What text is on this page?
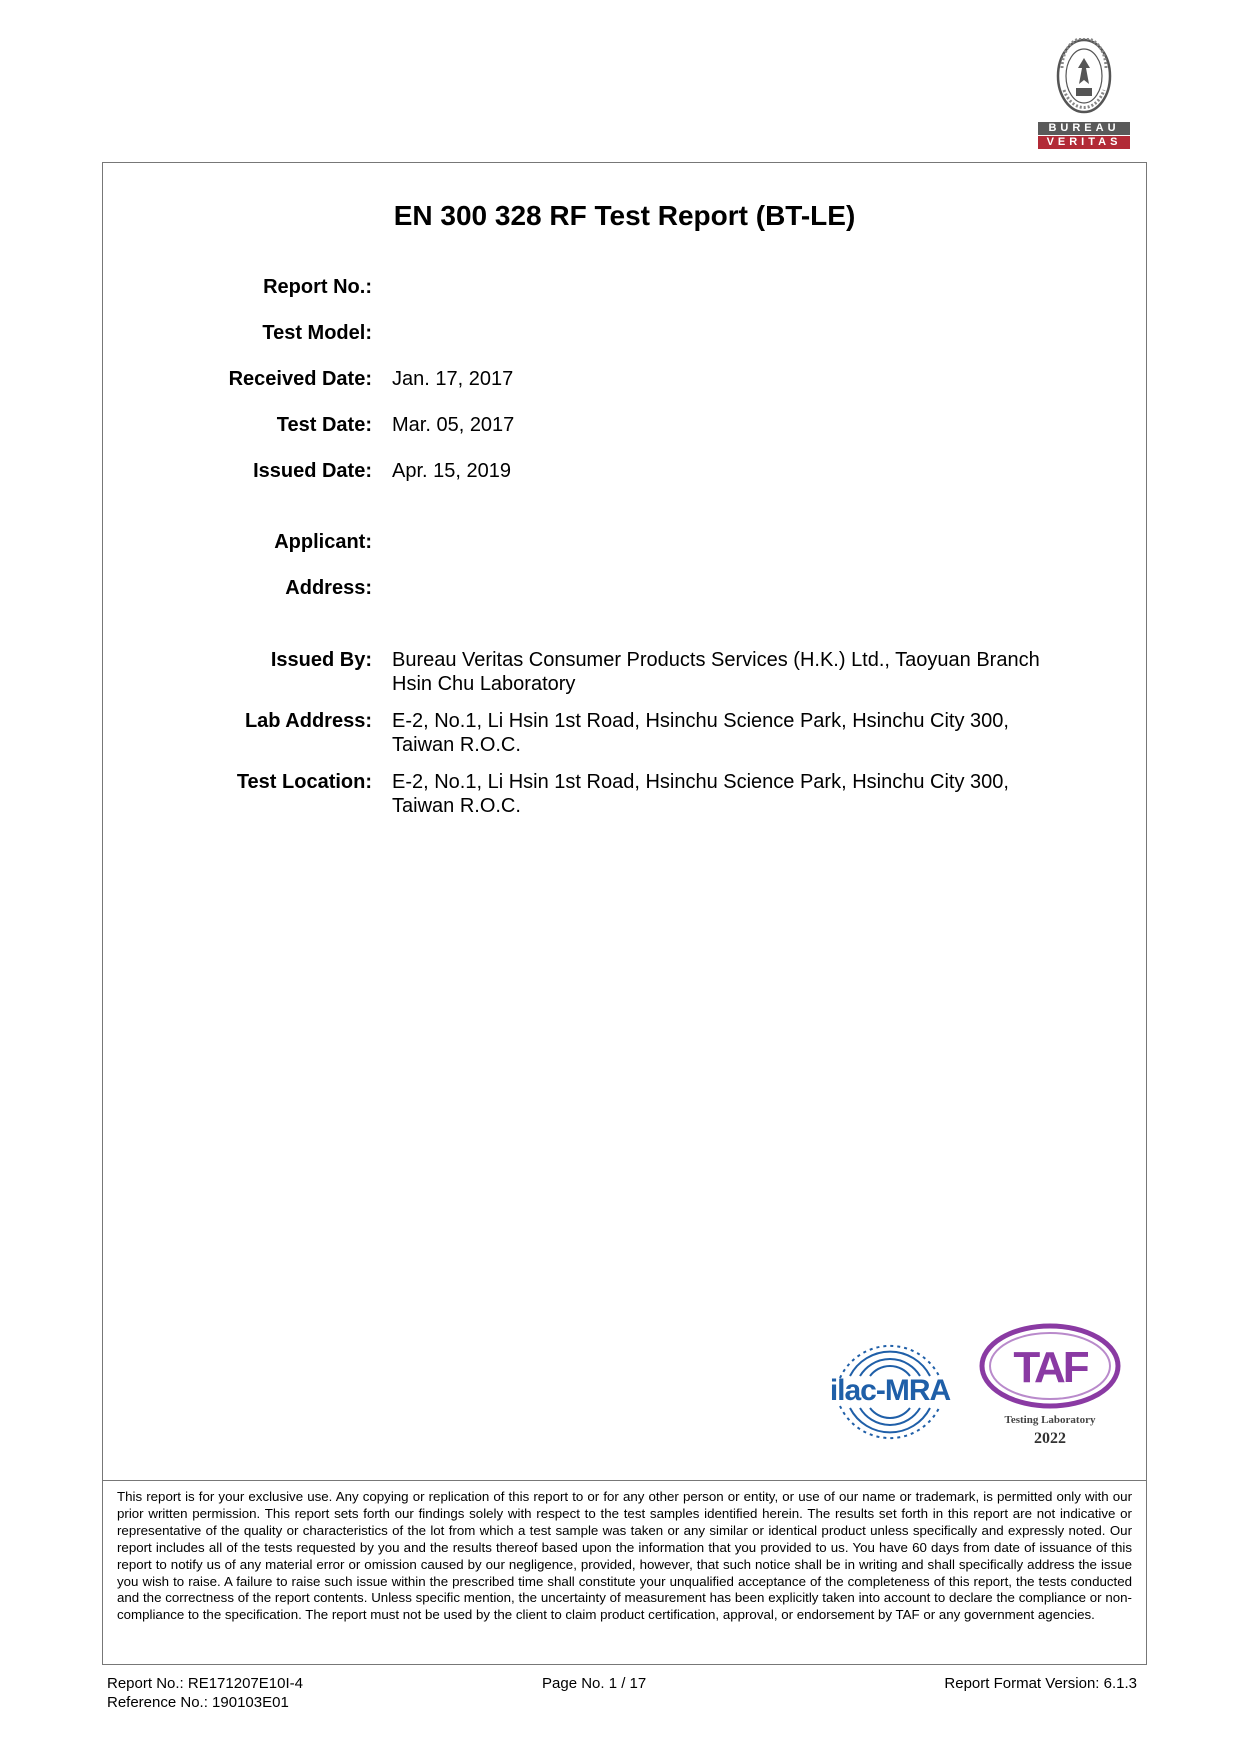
BUREAU
VERITAS
EN 300 328 RF Test Report (BT-LE)
Report No.:
Test Model:
Received Date: Jan. 17, 2017
Test Date: Mar. 05, 2017
Issued Date: Apr. 15, 2019
Applicant:
Address:
Issued By: Bureau Veritas Consumer Products Services (H.K.) Ltd., Taoyuan Branch
Hsin Chu Laboratory
Lab Address: E-2, No.1, Li Hsin 1st Road, Hsinchu Science Park, Hsinchu City 300,
Taiwan R.O.C.
Test Location: E-2, No.1, Li Hsin 1st Road, Hsinchu Science Park, Hsinchu City 300,
Taiwan R.O.C.
ilac-MRA TAF
Testing Laboratory
2022
This report is for your exclusive use. Any copying or replication of this report to or for any other person or entity, or use of our name or trademark, is permitted only with our prior written permission. This report sets forth our findings solely with respect to the test samples identified herein. The results set forth in this report are not indicative or representative of the quality or characteristics of the lot from which a test sample was taken or any similar or identical product unless specifically and expressly noted. Our report includes all of the tests requested by you and the results thereof based upon the information that you provided to us. You have 60 days from date of issuance of this report to notify us of any material error or omission caused by our negligence, provided, however, that such notice shall be in writing and shall specifically address the issue you wish to raise. A failure to raise such issue within the prescribed time shall constitute your unqualified acceptance of the completeness of this report, the tests conducted and the correctness of the report contents. Unless specific mention, the uncertainty of measurement has been explicitly taken into account to declare the compliance or non-compliance to the specification. The report must not be used by the client to claim product certification, approval, or endorsement by TAF or any government agencies.
Report No.: RE171207E10I-4
Reference No.: 190103E01
Page No. 1 / 17	Report Format Version: 6.1.3
